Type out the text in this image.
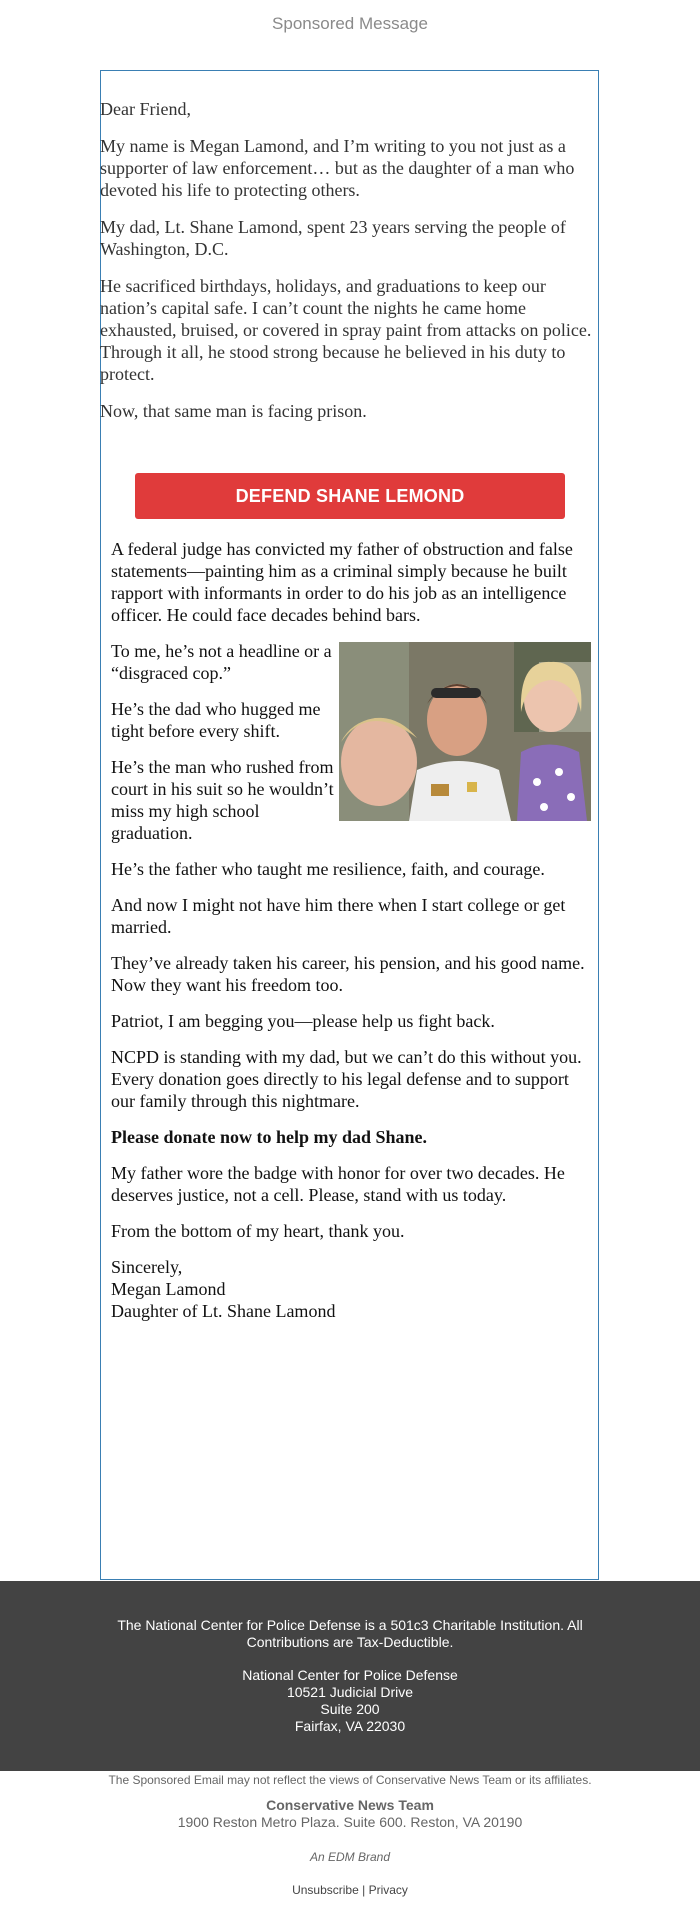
Sponsored Message

Dear Friend,

My name is Megan Lamond, and I’m writing to you not just as a supporter of law enforcement… but as the daughter of a man who devoted his life to protecting others.

My dad, Lt. Shane Lamond, spent 23 years serving the people of Washington, D.C.

He sacrificed birthdays, holidays, and graduations to keep our nation’s capital safe. I can’t count the nights he came home exhausted, bruised, or covered in spray paint from attacks on police. Through it all, he stood strong because he believed in his duty to protect.

Now, that same man is facing prison.

DEFEND SHANE LEMOND

A federal judge has convicted my father of obstruction and false statements—painting him as a criminal simply because he built rapport with informants in order to do his job as an intelligence officer. He could face decades behind bars.

To me, he’s not a headline or a “disgraced cop.”

He’s the dad who hugged me tight before every shift.

He’s the man who rushed from court in his suit so he wouldn’t miss my high school graduation.

He’s the father who taught me resilience, faith, and courage.

And now I might not have him there when I start college or get married.

They’ve already taken his career, his pension, and his good name. Now they want his freedom too.

Patriot, I am begging you—please help us fight back.

NCPD is standing with my dad, but we can’t do this without you. Every donation goes directly to his legal defense and to support our family through this nightmare.

Please donate now to help my dad Shane.

My father wore the badge with honor for over two decades. He deserves justice, not a cell. Please, stand with us today.

From the bottom of my heart, thank you.

Sincerely,

Megan Lamond

Daughter of Lt. Shane Lamond

The National Center for Police Defense is a 501c3 Charitable Institution. All Contributions are Tax-Deductible.
National Center for Police Defense
10521 Judicial Drive
Suite 200
Fairfax, VA 22030
The Sponsored Email may not reflect the views of Conservative News Team or its affiliates.
Conservative News Team
1900 Reston Metro Plaza. Suite 600. Reston, VA 20190
An EDM Brand
Unsubscribe | Privacy
